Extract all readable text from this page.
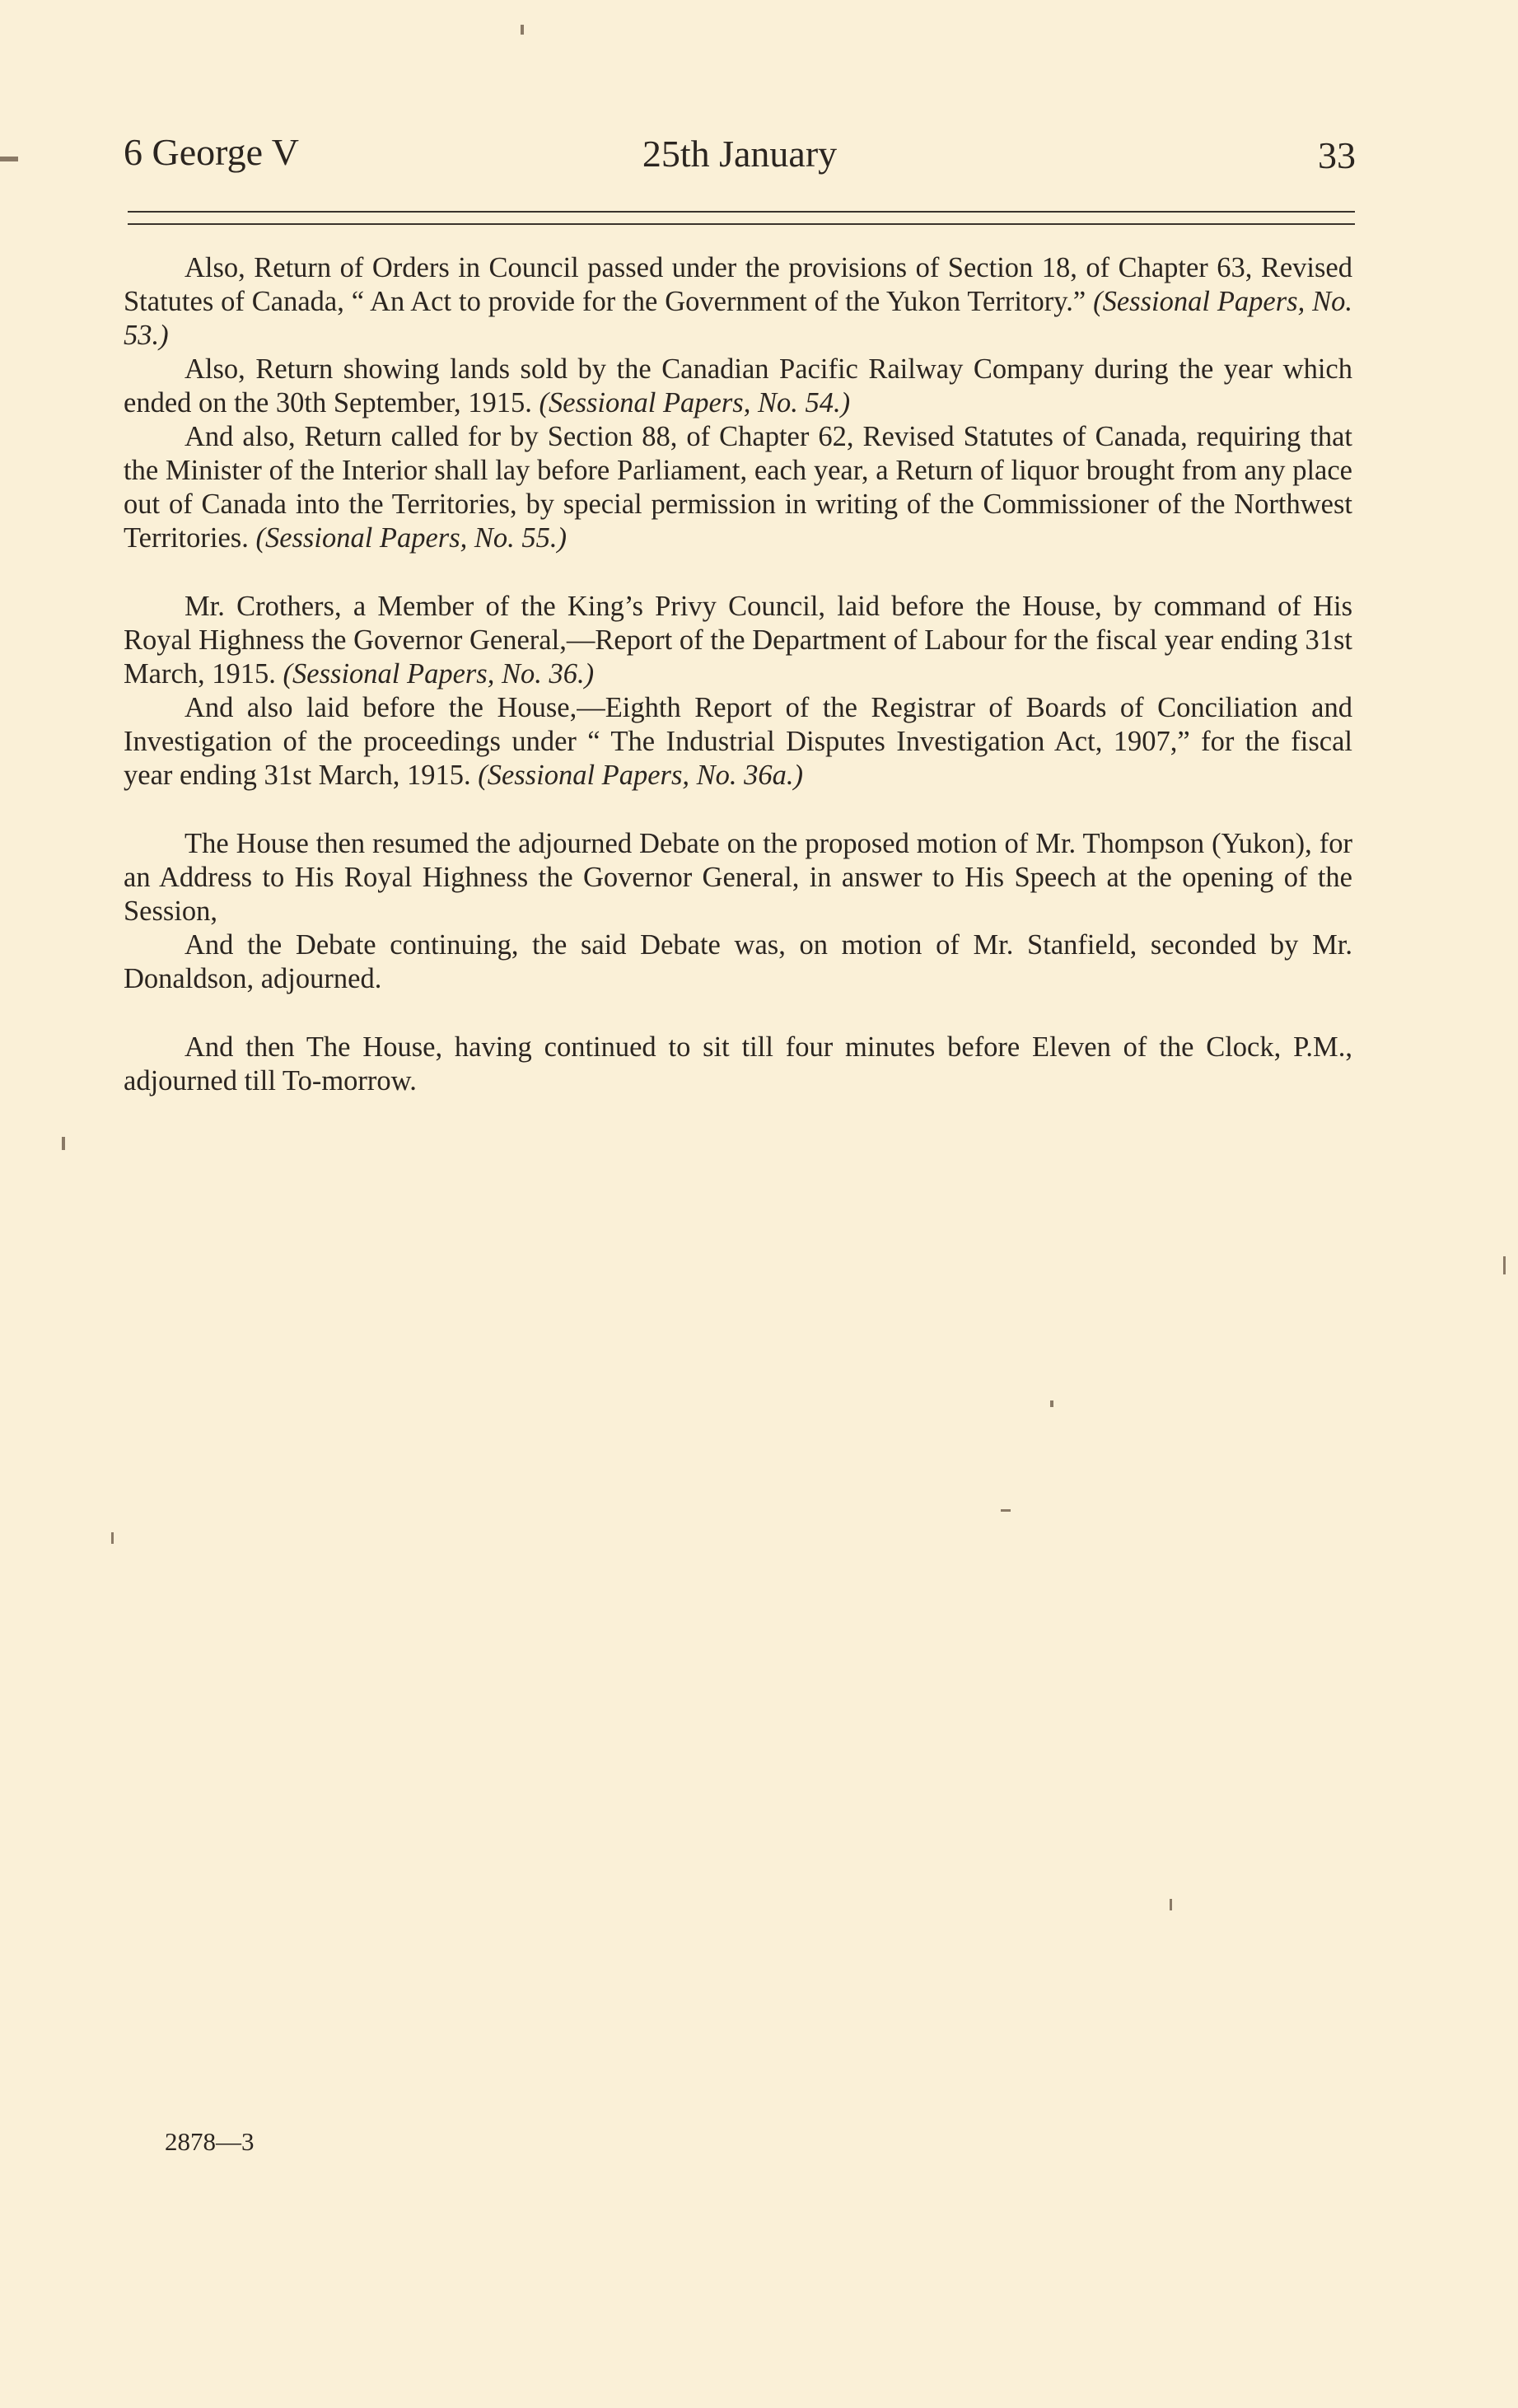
6 George V	25th January	33

Also, Return of Orders in Council passed under the provisions of Section 18, of Chapter 63, Revised Statutes of Canada, “ An Act to provide for the Government of the Yukon Territory.” (Sessional Papers, No. 53.)

Also, Return showing lands sold by the Canadian Pacific Railway Company during the year which ended on the 30th September, 1915. (Sessional Papers, No. 54.)

And also, Return called for by Section 88, of Chapter 62, Revised Statutes of Canada, requiring that the Minister of the Interior shall lay before Parliament, each year, a Return of liquor brought from any place out of Canada into the Territories, by special permission in writing of the Commissioner of the Northwest Territories. (Sessional Papers, No. 55.)

Mr. Crothers, a Member of the King’s Privy Council, laid before the House, by command of His Royal Highness the Governor General,—Report of the Department of Labour for the fiscal year ending 31st March, 1915. (Sessional Papers, No. 36.)

And also laid before the House,—Eighth Report of the Registrar of Boards of Conciliation and Investigation of the proceedings under “ The Industrial Disputes Investigation Act, 1907,” for the fiscal year ending 31st March, 1915. (Sessional Papers, No. 36a.)

The House then resumed the adjourned Debate on the proposed motion of Mr. Thompson (Yukon), for an Address to His Royal Highness the Governor General, in answer to His Speech at the opening of the Session,

And the Debate continuing, the said Debate was, on motion of Mr. Stanfield, seconded by Mr. Donaldson, adjourned.

And then The House, having continued to sit till four minutes before Eleven of the Clock, P.M., adjourned till To-morrow.

2878—3
